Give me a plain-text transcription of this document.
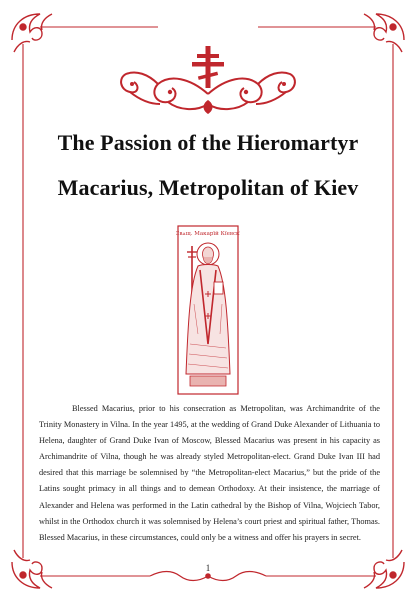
The Passion of the Hieromartyr
Macarius, Metropolitan of Kiev
Свѧщ. Макарїй Кїевскїй

Blessed Macarius, prior to his consecration as Metropolitan, was Archimandrite of the Trinity Monastery in Vilna. In the year 1495, at the wedding of Grand Duke Alexander of Lithuania to Helena, daughter of Grand Duke Ivan of Moscow, Blessed Macarius was present in his capacity as Archimandrite of Vilna, though he was already styled Metropolitan-elect. Grand Duke Ivan III had desired that this marriage be solemnised by “the Metropolitan-elect Macarius,” but the pride of the Latins sought primacy in all things and to demean Orthodoxy. At their insistence, the marriage of Alexander and Helena was performed in the Latin cathedral by the Bishop of Vilna, Wojciech Tabor, whilst in the Orthodox church it was solemnised by Helena’s court priest and spiritual father, Thomas. Blessed Macarius, in these circumstances, could only be a witness and offer his prayers in secret.

1
